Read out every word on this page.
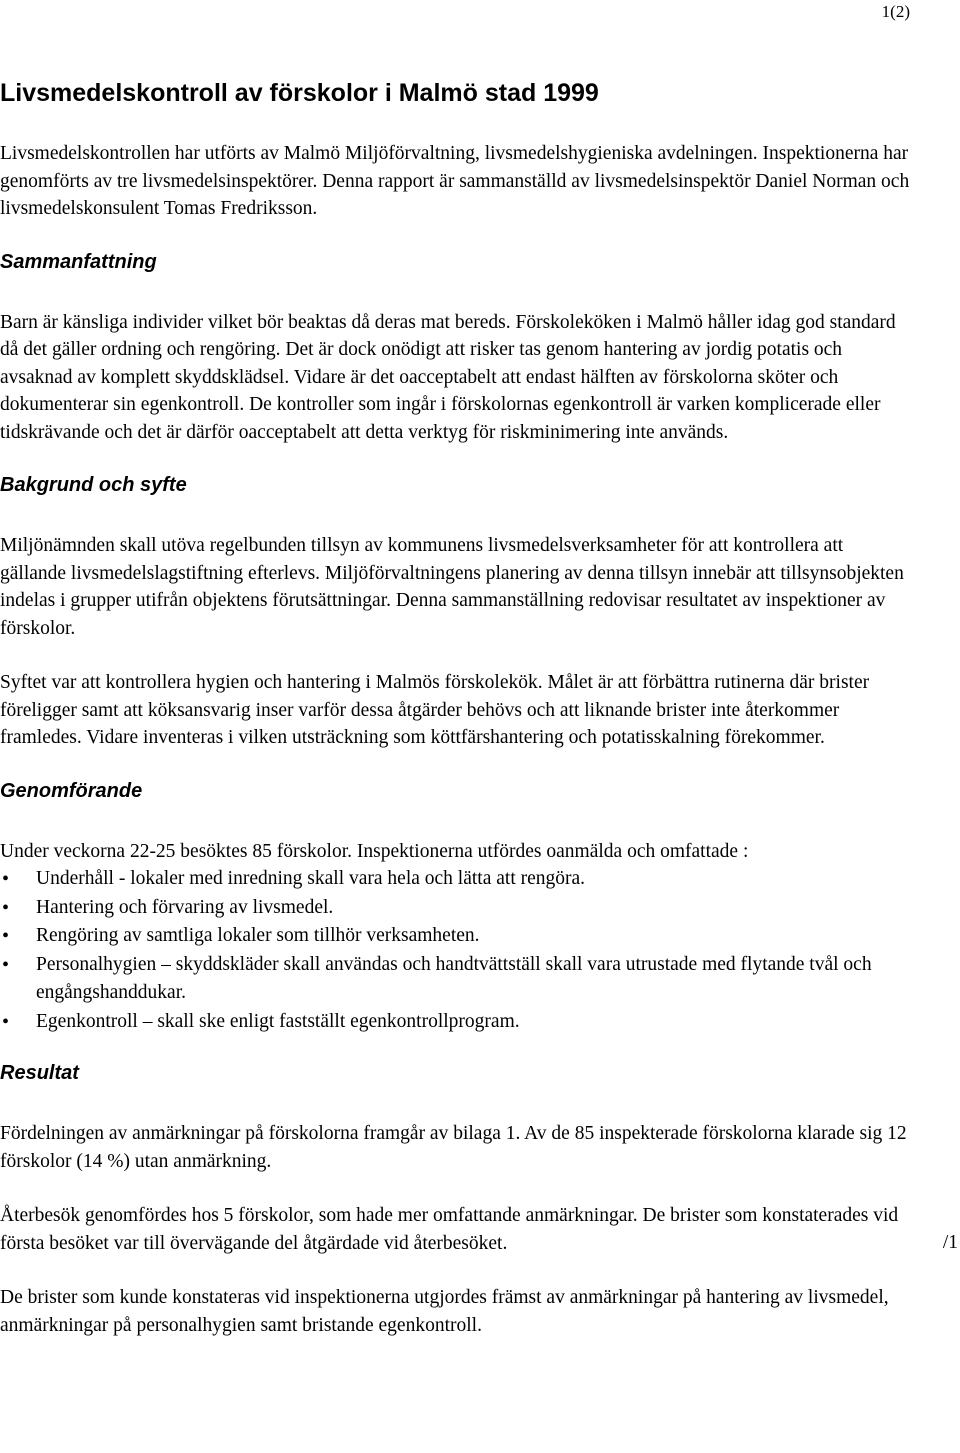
1(2)
Livsmedelskontroll av förskolor i Malmö stad 1999

Livsmedelskontrollen har utförts av Malmö Miljöförvaltning, livsmedelshygieniska avdelningen. Inspektionerna har genomförts av tre livsmedelsinspektörer. Denna rapport är sammanställd av livsmedelsinspektör Daniel Norman och livsmedelskonsulent Tomas Fredriksson.

Sammanfattning

Barn är känsliga individer vilket bör beaktas då deras mat bereds. Förskoleköken i Malmö håller idag god standard då det gäller ordning och rengöring. Det är dock onödigt att risker tas genom hantering av jordig potatis och avsaknad av komplett skyddsklädsel. Vidare är det oacceptabelt att endast hälften av förskolorna sköter och dokumenterar sin egenkontroll. De kontroller som ingår i förskolornas egenkontroll är varken komplicerade eller tidskrävande och det är därför oacceptabelt att detta verktyg för riskminimering inte används.

Bakgrund och syfte

Miljönämnden skall utöva regelbunden tillsyn av kommunens livsmedelsverksamheter för att kontrollera att gällande livsmedelslagstiftning efterlevs. Miljöförvaltningens planering av denna tillsyn innebär att tillsynsobjekten indelas i grupper utifrån objektens förutsättningar. Denna sammanställning redovisar resultatet av inspektioner av förskolor.

Syftet var att kontrollera hygien och hantering i Malmös förskolekök. Målet är att förbättra rutinerna där brister föreligger samt att köksansvarig inser varför dessa åtgärder behövs och att liknande brister inte återkommer framledes. Vidare inventeras i vilken utsträckning som köttfärshantering och potatisskalning förekommer.

Genomförande

Under veckorna 22-25 besöktes 85 förskolor. Inspektionerna utfördes oanmälda och omfattade :

• Underhåll - lokaler med inredning skall vara hela och lätta att rengöra.
• Hantering och förvaring av livsmedel.
• Rengöring av samtliga lokaler som tillhör verksamheten.
• Personalhygien – skyddskläder skall användas och handtvättställ skall vara utrustade med flytande tvål och engångshanddukar.
• Egenkontroll – skall ske enligt fastställt egenkontrollprogram.
Resultat

Fördelningen av anmärkningar på förskolorna framgår av bilaga 1. Av de 85 inspekterade förskolorna klarade sig 12 förskolor (14 %) utan anmärkning.

Återbesök genomfördes hos 5 förskolor, som hade mer omfattande anmärkningar. De brister som konstaterades vid första besöket var till övervägande del åtgärdade vid återbesöket.

De brister som kunde konstateras vid inspektionerna utgjordes främst av anmärkningar på hantering av livsmedel, anmärkningar på personalhygien samt bristande egenkontroll.

/1
